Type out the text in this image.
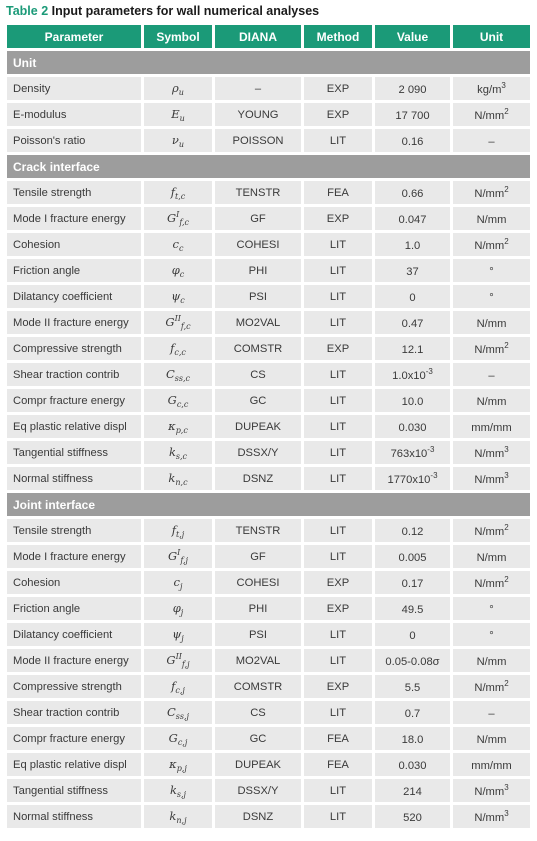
Table 2 Input parameters for wall numerical analyses
Parameter	Symbol	DIANA	Method	Value	Unit
Unit					
Density	$\rho_u$	–	EXP	2 090	$kg/m^3$
E-modulus	$E_u$	YOUNG	EXP	17 700	$N/mm^2$
Poisson's ratio	$\nu_u$	POISSON	LIT	0.16	–
Crack interface					
Tensile strength	$f_{t,c}$	TENSTR	FEA	0.66	$N/mm^2$
Mode I fracture energy	$G^I_{f,c}$	GF	EXP	0.047	N/mm
Cohesion	$c_c$	COHESI	LIT	1.0	$N/mm^2$
Friction angle	$\varphi_c$	PHI	LIT	37	°
Dilatancy coefficient	$\psi_c$	PSI	LIT	0	°
Mode II fracture energy	$G^{II}_{f,c}$	MO2VAL	LIT	0.47	N/mm
Compressive strength	$f_{c,c}$	COMSTR	EXP	12.1	$N/mm^2$
Shear traction contrib	$C_{ss,c}$	CS	LIT	$1.0x10^{-3}$	–
Compr fracture energy	$G_{c,c}$	GC	LIT	10.0	N/mm
Eq plastic relative displ	$\kappa_{p,c}$	DUPEAK	LIT	0.030	mm/mm
Tangential stiffness	$k_{s,c}$	DSSX/Y	LIT	$763x10^{-3}$	$N/mm^3$
Normal stiffness	$k_{n,c}$	DSNZ	LIT	$1770x10^{-3}$	$N/mm^3$
Joint interface					
Tensile strength	$f_{t,j}$	TENSTR	LIT	0.12	$N/mm^2$
Mode I fracture energy	$G^I_{f,j}$	GF	LIT	0.005	N/mm
Cohesion	$c_j$	COHESI	EXP	0.17	$N/mm^2$
Friction angle	$\varphi_j$	PHI	EXP	49.5	°
Dilatancy coefficient	$\psi_j$	PSI	LIT	0	°
Mode II fracture energy	$G^{II}_{f,j}$	MO2VAL	LIT	0.05-0.08σ	N/mm
Compressive strength	$f_{c,j}$	COMSTR	EXP	5.5	$N/mm^2$
Shear traction contrib	$C_{ss,j}$	CS	LIT	0.7	–
Compr fracture energy	$G_{c,j}$	GC	FEA	18.0	N/mm
Eq plastic relative displ	$\kappa_{p,j}$	DUPEAK	FEA	0.030	mm/mm
Tangential stiffness	$k_{s,j}$	DSSX/Y	LIT	214	$N/mm^3$
Normal stiffness	$k_{n,j}$	DSNZ	LIT	520	$N/mm^3$
